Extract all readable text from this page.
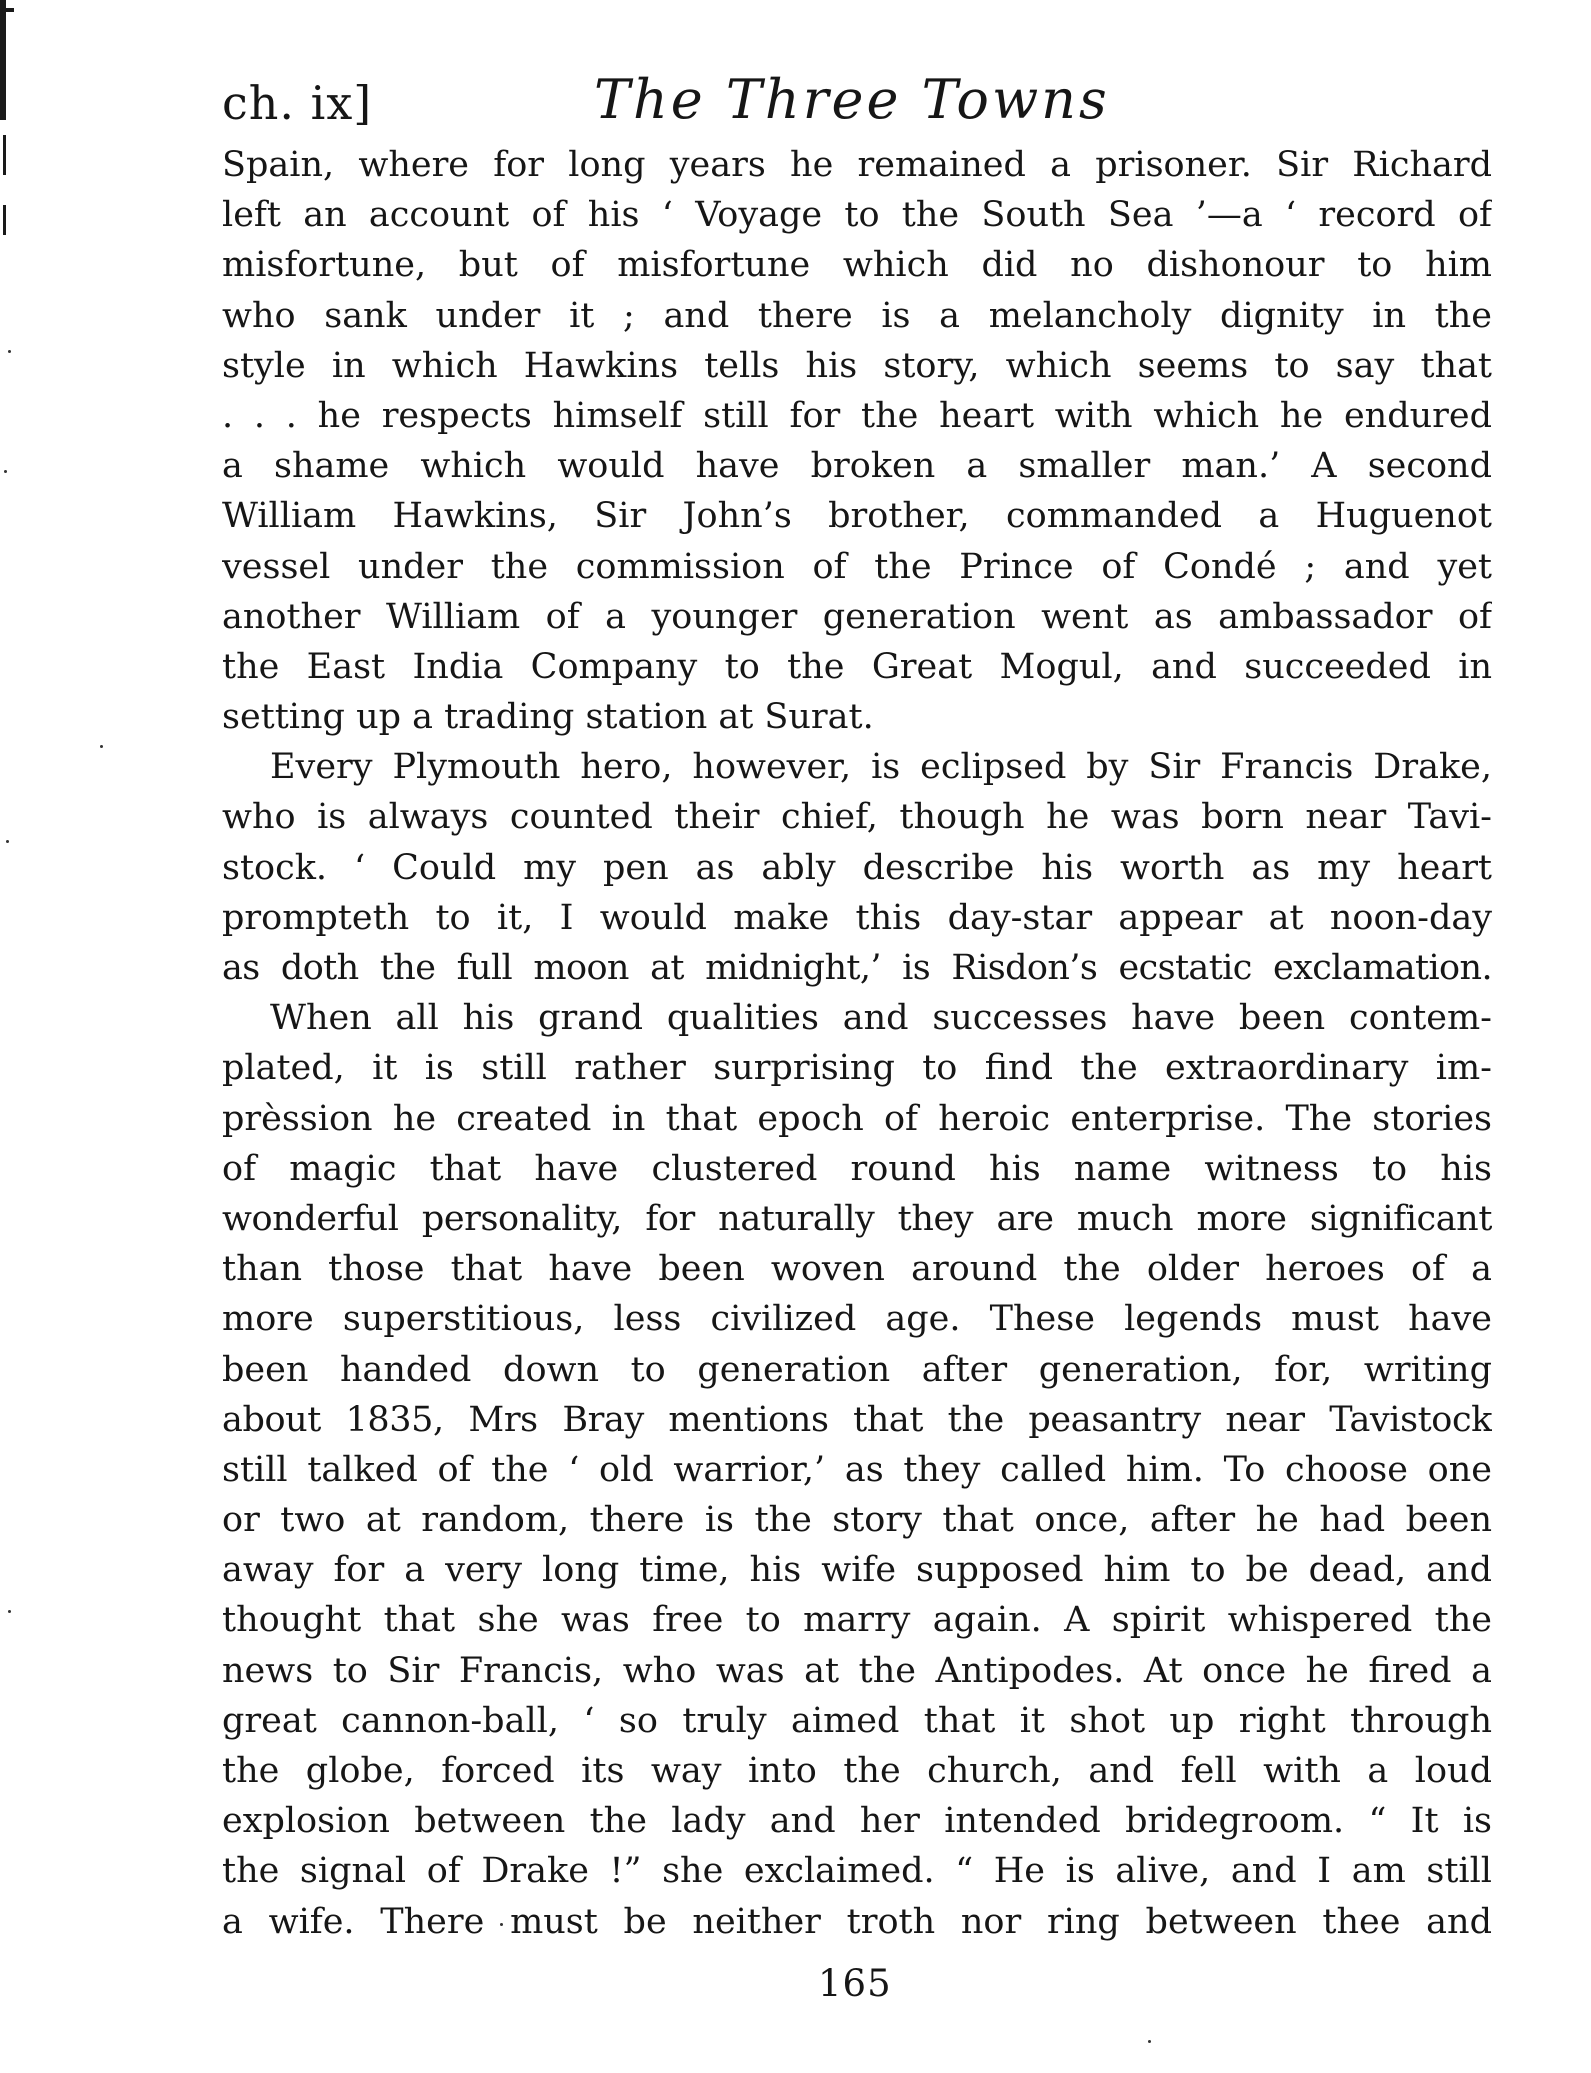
ch. ix]	The Three Towns
Spain, where for long years he remained a prisoner. Sir Richard
left an account of his ‘ Voyage to the South Sea ’—a ‘ record of
misfortune, but of misfortune which did no dishonour to him
who sank under it ; and there is a melancholy dignity in the
style in which Hawkins tells his story, which seems to say that
. . . he respects himself still for the heart with which he endured
a shame which would have broken a smaller man.’ A second
William Hawkins, Sir John’s brother, commanded a Huguenot
vessel under the commission of the Prince of Condé ; and yet
another William of a younger generation went as ambassador of
the East India Company to the Great Mogul, and succeeded in
setting up a trading station at Surat.
Every Plymouth hero, however, is eclipsed by Sir Francis Drake,
who is always counted their chief, though he was born near Tavi-
stock. ‘ Could my pen as ably describe his worth as my heart
prompteth to it, I would make this day-star appear at noon-day
as doth the full moon at midnight,’ is Risdon’s ecstatic exclamation.
When all his grand qualities and successes have been contem-
plated, it is still rather surprising to find the extraordinary im-
prèssion he created in that epoch of heroic enterprise. The stories
of magic that have clustered round his name witness to his
wonderful personality, for naturally they are much more significant
than those that have been woven around the older heroes of a
more superstitious, less civilized age. These legends must have
been handed down to generation after generation, for, writing
about 1835, Mrs Bray mentions that the peasantry near Tavistock
still talked of the ‘ old warrior,’ as they called him. To choose one
or two at random, there is the story that once, after he had been
away for a very long time, his wife supposed him to be dead, and
thought that she was free to marry again. A spirit whispered the
news to Sir Francis, who was at the Antipodes. At once he fired a
great cannon-ball, ‘ so truly aimed that it shot up right through
the globe, forced its way into the church, and fell with a loud
explosion between the lady and her intended bridegroom. “ It is
the signal of Drake !” she exclaimed. “ He is alive, and I am still
a wife. There must be neither troth nor ring between thee and
165
